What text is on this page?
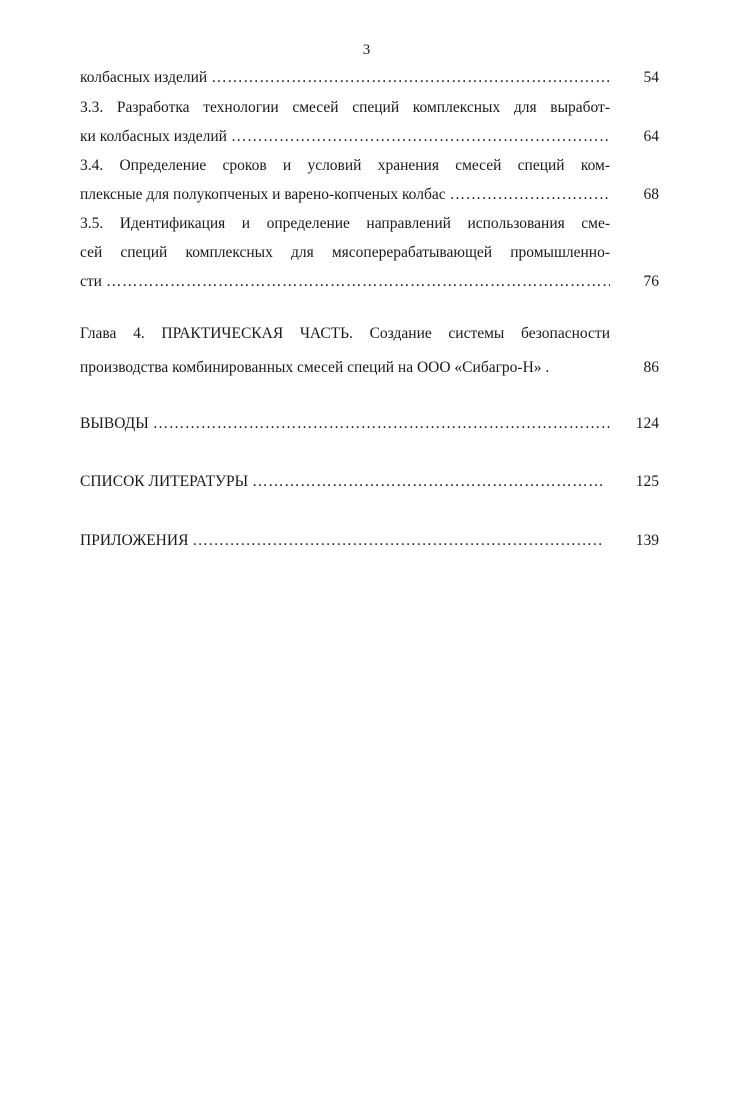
3
колбасных изделий ………………………………………………………………………………………………………………………………………………………………	54
3.3. Разработка технологии смесей специй комплексных для выработ-
ки колбасных изделий ………………………………………………………………………………………………………………………………………………………………	64
3.4. Определение сроков и условий хранения смесей специй ком-
плексные для полукопченых и варено-копченых колбас ………………………………………………………………………………………………………………………………………………………………	68
3.5. Идентификация и определение направлений использования сме-
сей специй комплексных для мясоперерабатывающей промышленно-
сти ………………………………………………………………………………………………………………………………………………………………	76
Глава 4. ПРАКТИЧЕСКАЯ ЧАСТЬ. Создание системы безопасности
производства комбинированных смесей специй на ООО «Сибагро-Н» .	86
ВЫВОДЫ ………………………………………………………………………………………………………………………………………………………………	124
СПИСОК ЛИТЕРАТУРЫ ………………………………………………………………………………………………………………………………………………………………	125
ПРИЛОЖЕНИЯ ………………………………………………………………………………………………………………………………………………………………	139
